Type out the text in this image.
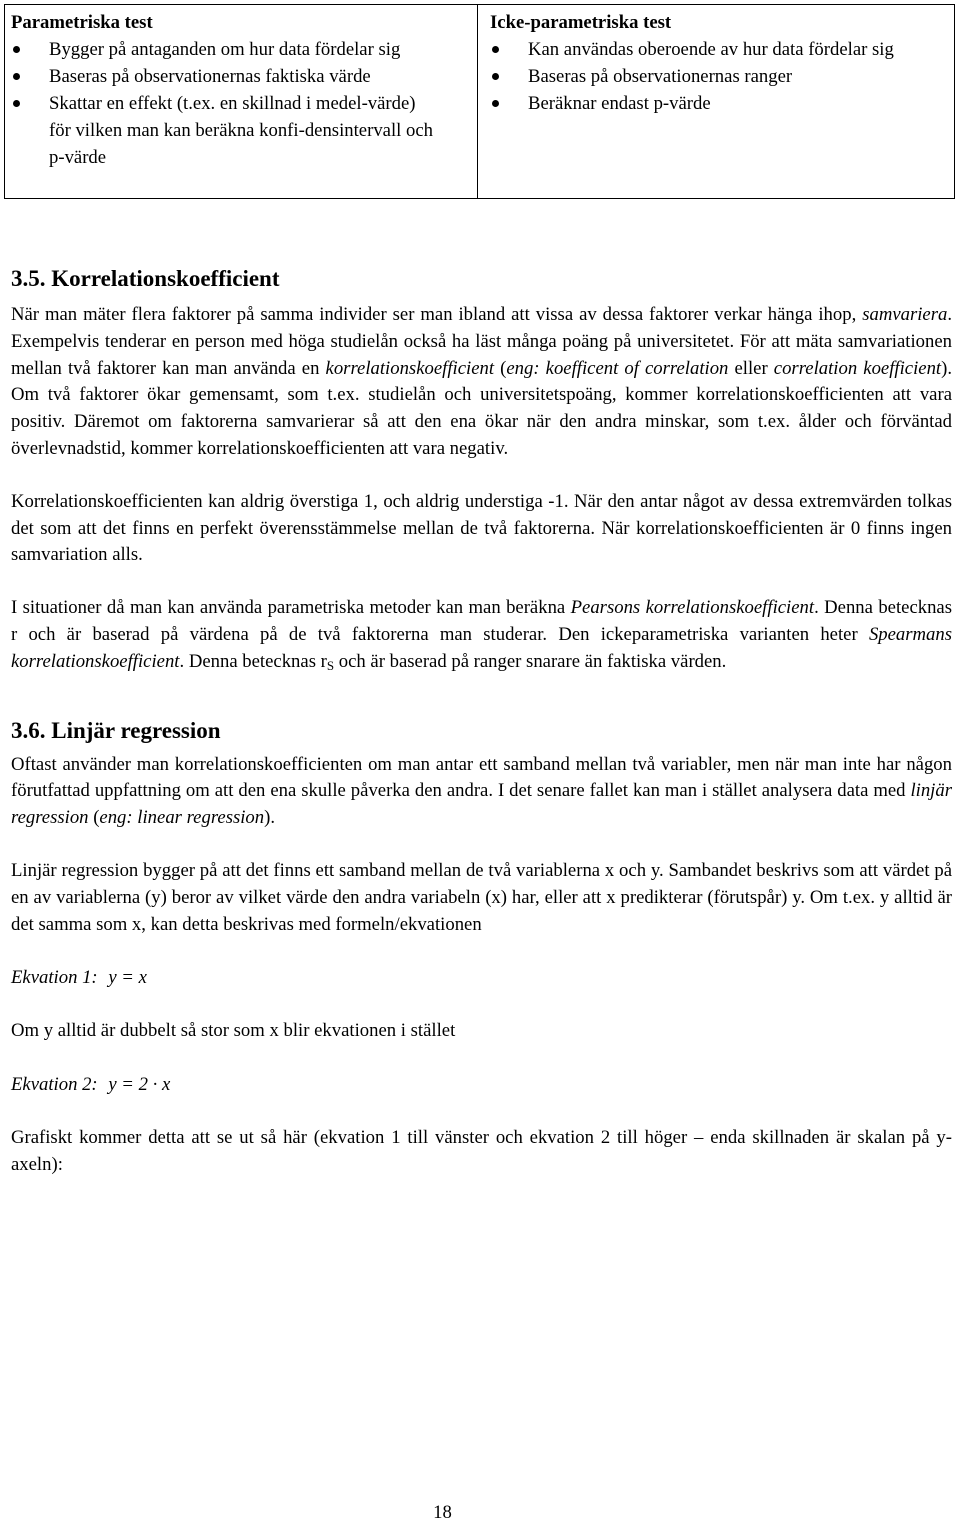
Parametriska test
Bygger på antaganden om hur data fördelar sig
Baseras på observationernas faktiska värde
Skattar en effekt (t.ex. en skillnad i medel-värde) för vilken man kan beräkna konfi-densintervall och p-värde
Icke-parametriska test
Kan användas oberoende av hur data fördelar sig
Baseras på observationernas ranger
Beräknar endast p-värde
3.5. Korrelationskoefficient

När man mäter flera faktorer på samma individer ser man ibland att vissa av dessa faktorer verkar hänga ihop, samvariera. Exempelvis tenderar en person med höga studielån också ha läst många poäng på universitetet. För att mäta samvariationen mellan två faktorer kan man använda en korrelationskoefficient (eng: koefficent of correlation eller correlation koefficient). Om två faktorer ökar gemensamt, som t.ex. studielån och universitetspoäng, kommer korrelationskoefficienten att vara positiv. Däremot om faktorerna samvarierar så att den ena ökar när den andra minskar, som t.ex. ålder och förväntad överlevnadstid, kommer korrelationskoefficienten att vara negativ.

Korrelationskoefficienten kan aldrig överstiga 1, och aldrig understiga -1. När den antar något av dessa extremvärden tolkas det som att det finns en perfekt överensstämmelse mellan de två faktorerna. När korrelationskoefficienten är 0 finns ingen samvariation alls.

I situationer då man kan använda parametriska metoder kan man beräkna Pearsons korrelationskoefficient. Denna betecknas r och är baserad på värdena på de två faktorerna man studerar. Den ickeparametriska varianten heter Spearmans korrelationskoefficient. Denna betecknas $r_S$ och är baserad på ranger snarare än faktiska värden.

3.6. Linjär regression

Oftast använder man korrelationskoefficienten om man antar ett samband mellan två variabler, men när man inte har någon förutfattad uppfattning om att den ena skulle påverka den andra. I det senare fallet kan man i stället analysera data med linjär regression (eng: linear regression).

Linjär regression bygger på att det finns ett samband mellan de två variablerna x och y. Sambandet beskrivs som att värdet på en av variablerna (y) beror av vilket värde den andra variabeln (x) har, eller att x predikterar (förutspår) y. Om t.ex. y alltid är det samma som x, kan detta beskrivas med formeln/ekvationen

Ekvation 1: y = x

Om y alltid är dubbelt så stor som x blir ekvationen i stället

Ekvation 2: y = 2 · x

Grafiskt kommer detta att se ut så här (ekvation 1 till vänster och ekvation 2 till höger – enda skillnaden är skalan på y-axeln):

18
